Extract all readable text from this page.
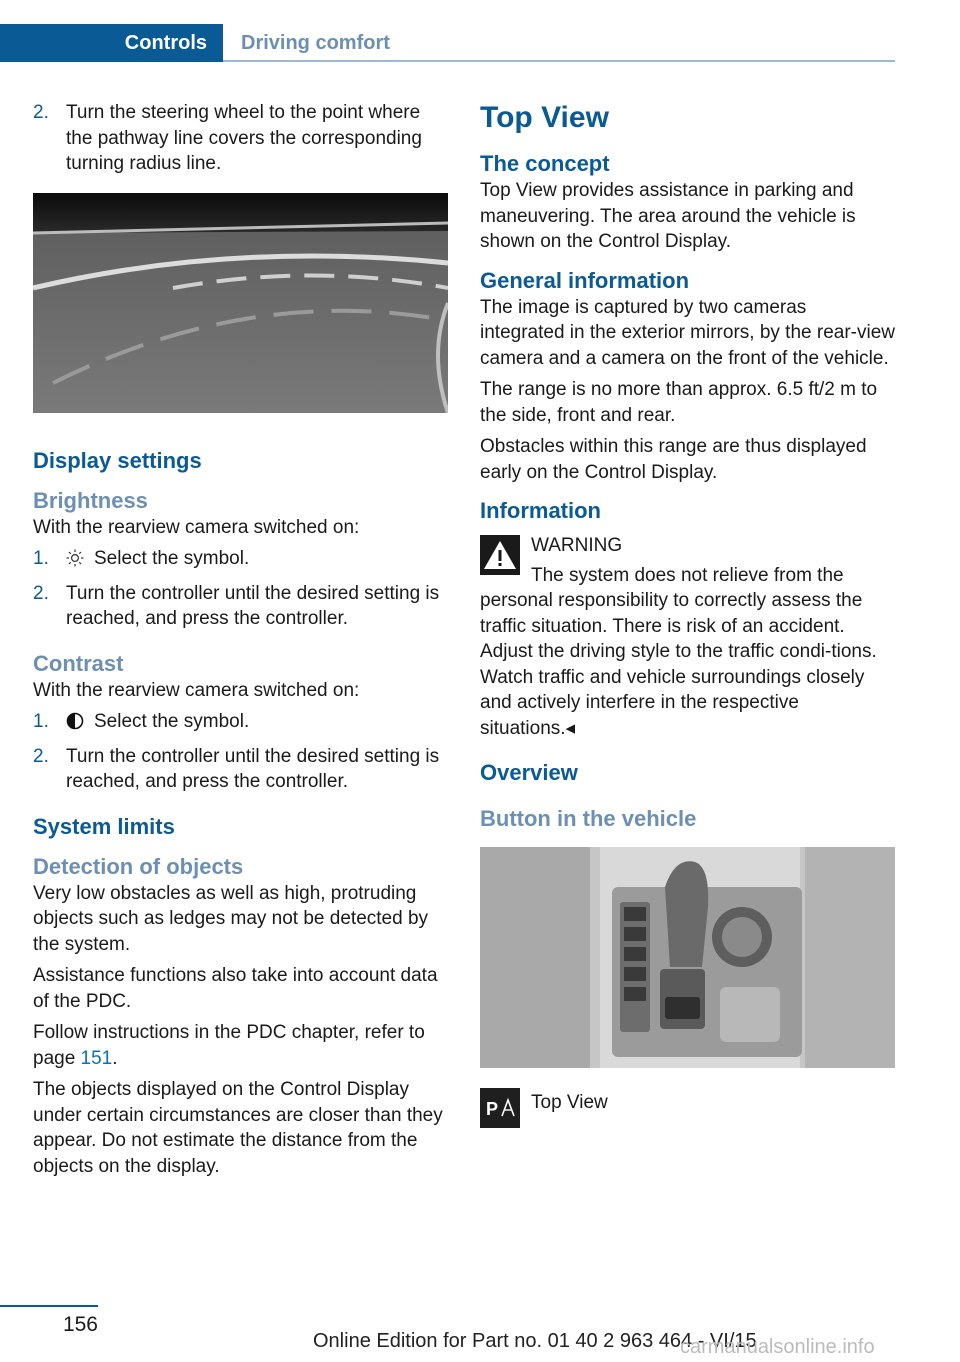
Controls	Driving comfort
2. Turn the steering wheel to the point where the pathway line covers the corresponding turning radius line.
Display settings
Brightness

With the rearview camera switched on:

1. Select the symbol.
2. Turn the controller until the desired setting is reached, and press the controller.
Contrast

With the rearview camera switched on:

1. Select the symbol.
2. Turn the controller until the desired setting is reached, and press the controller.
System limits
Detection of objects

Very low obstacles as well as high, protruding objects such as ledges may not be detected by the system.

Assistance functions also take into account data of the PDC.

Follow instructions in the PDC chapter, refer to page 151.

The objects displayed on the Control Display under certain circumstances are closer than they appear. Do not estimate the distance from the objects on the display.

Top View
The concept

Top View provides assistance in parking and maneuvering. The area around the vehicle is shown on the Control Display.

General information

The image is captured by two cameras integrated in the exterior mirrors, by the rear-view camera and a camera on the front of the vehicle.

The range is no more than approx. 6.5 ft/2 m to the side, front and rear.

Obstacles within this range are thus displayed early on the Control Display.

Information
WARNING
The system does not relieve from the

personal responsibility to correctly assess the traffic situation. There is risk of an accident. Adjust the driving style to the traffic condi-tions. Watch traffic and vehicle surroundings closely and actively interfere in the respective situations.◂

Overview
Button in the vehicle
P Top View
156
Online Edition for Part no. 01 40 2 963 464 - VI/15
carmanualsonline.info
